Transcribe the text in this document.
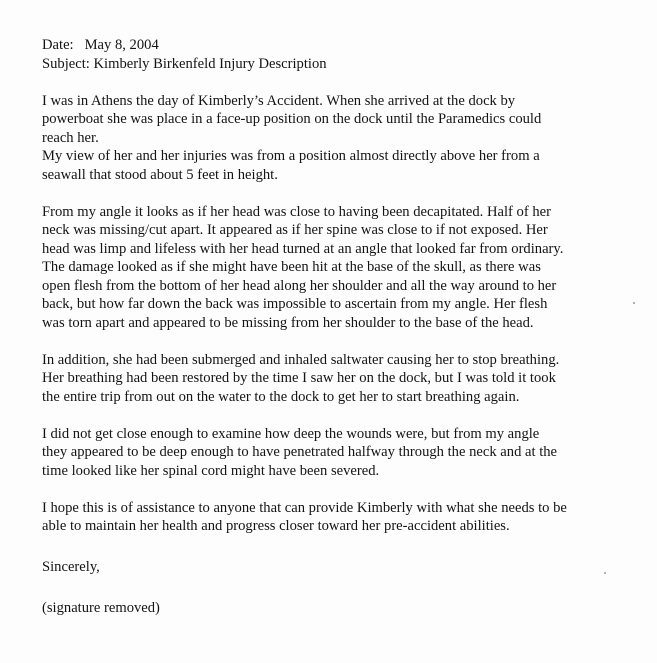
Date: May 8, 2004
Subject: Kimberly Birkenfeld Injury Description
I was in Athens the day of Kimberly’s Accident. When she arrived at the dock by
powerboat she was place in a face-up position on the dock until the Paramedics could
reach her.
My view of her and her injuries was from a position almost directly above her from a
seawall that stood about 5 feet in height.
From my angle it looks as if her head was close to having been decapitated. Half of her
neck was missing/cut apart. It appeared as if her spine was close to if not exposed. Her
head was limp and lifeless with her head turned at an angle that looked far from ordinary.
The damage looked as if she might have been hit at the base of the skull, as there was
open flesh from the bottom of her head along her shoulder and all the way around to her
back, but how far down the back was impossible to ascertain from my angle. Her flesh
was torn apart and appeared to be missing from her shoulder to the base of the head.
In addition, she had been submerged and inhaled saltwater causing her to stop breathing.
Her breathing had been restored by the time I saw her on the dock, but I was told it took
the entire trip from out on the water to the dock to get her to start breathing again.
I did not get close enough to examine how deep the wounds were, but from my angle
they appeared to be deep enough to have penetrated halfway through the neck and at the
time looked like her spinal cord might have been severed.
I hope this is of assistance to anyone that can provide Kimberly with what she needs to be
able to maintain her health and progress closer toward her pre-accident abilities.
Sincerely,
(signature removed)
